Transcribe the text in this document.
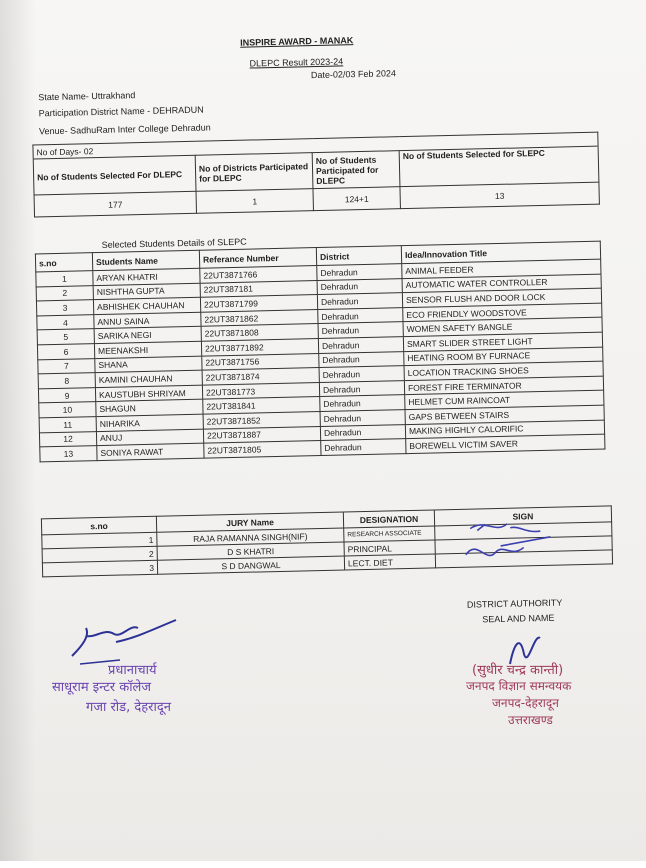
INSPIRE AWARD - MANAK
DLEPC Result 2023-24
Date-02/03 Feb 2024
State Name- Uttrakhand
Participation District Name - DEHRADUN
Venue- SadhuRam Inter College Dehradun
No of Days- 02			
No of Students Selected For DLEPC	No of Districts Participated for DLEPC	No of Students Participated for DLEPC	No of Students Selected for SLEPC
177	1	124+1	13
Selected Students Details of SLEPC
s.no	Students Name	Referance Number	District	Idea/Innovation Title
1	ARYAN KHATRI	22UT3871766	Dehradun	ANIMAL FEEDER
2	NISHTHA GUPTA	22UT387181	Dehradun	AUTOMATIC WATER CONTROLLER
3	ABHISHEK CHAUHAN	22UT3871799	Dehradun	SENSOR FLUSH AND DOOR LOCK
4	ANNU SAINA	22UT3871862	Dehradun	ECO FRIENDLY WOODSTOVE
5	SARIKA NEGI	22UT3871808	Dehradun	WOMEN SAFETY BANGLE
6	MEENAKSHI	22UT38771892	Dehradun	SMART SLIDER STREET LIGHT
7	SHANA	22UT3871756	Dehradun	HEATING ROOM BY FURNACE
8	KAMINI CHAUHAN	22UT3871874	Dehradun	LOCATION TRACKING SHOES
9	KAUSTUBH SHRIYAM	22UT381773	Dehradun	FOREST FIRE TERMINATOR
10	SHAGUN	22UT381841	Dehradun	HELMET CUM RAINCOAT
11	NIHARIKA	22UT3871852	Dehradun	GAPS BETWEEN STAIRS
12	ANUJ	22UT3871887	Dehradun	MAKING HIGHLY CALORIFIC
13	SONIYA RAWAT	22UT3871805	Dehradun	BOREWELL VICTIM SAVER
s.no	JURY Name	DESIGNATION	SIGN
1	RAJA RAMANNA SINGH(NIF)	RESEARCH ASSOCIATE	
2	D S KHATRI	PRINCIPAL	
3	S D DANGWAL	LECT. DIET	
DISTRICT AUTHORITY
SEAL AND NAME
प्रधानाचार्य
साधूराम इन्टर कॉलेज
गजा रोड, देहरादून
(सुधीर चन्द्र कान्ती)
जनपद विज्ञान समन्वयक
जनपद-देहरादून
उत्तराखण्ड
